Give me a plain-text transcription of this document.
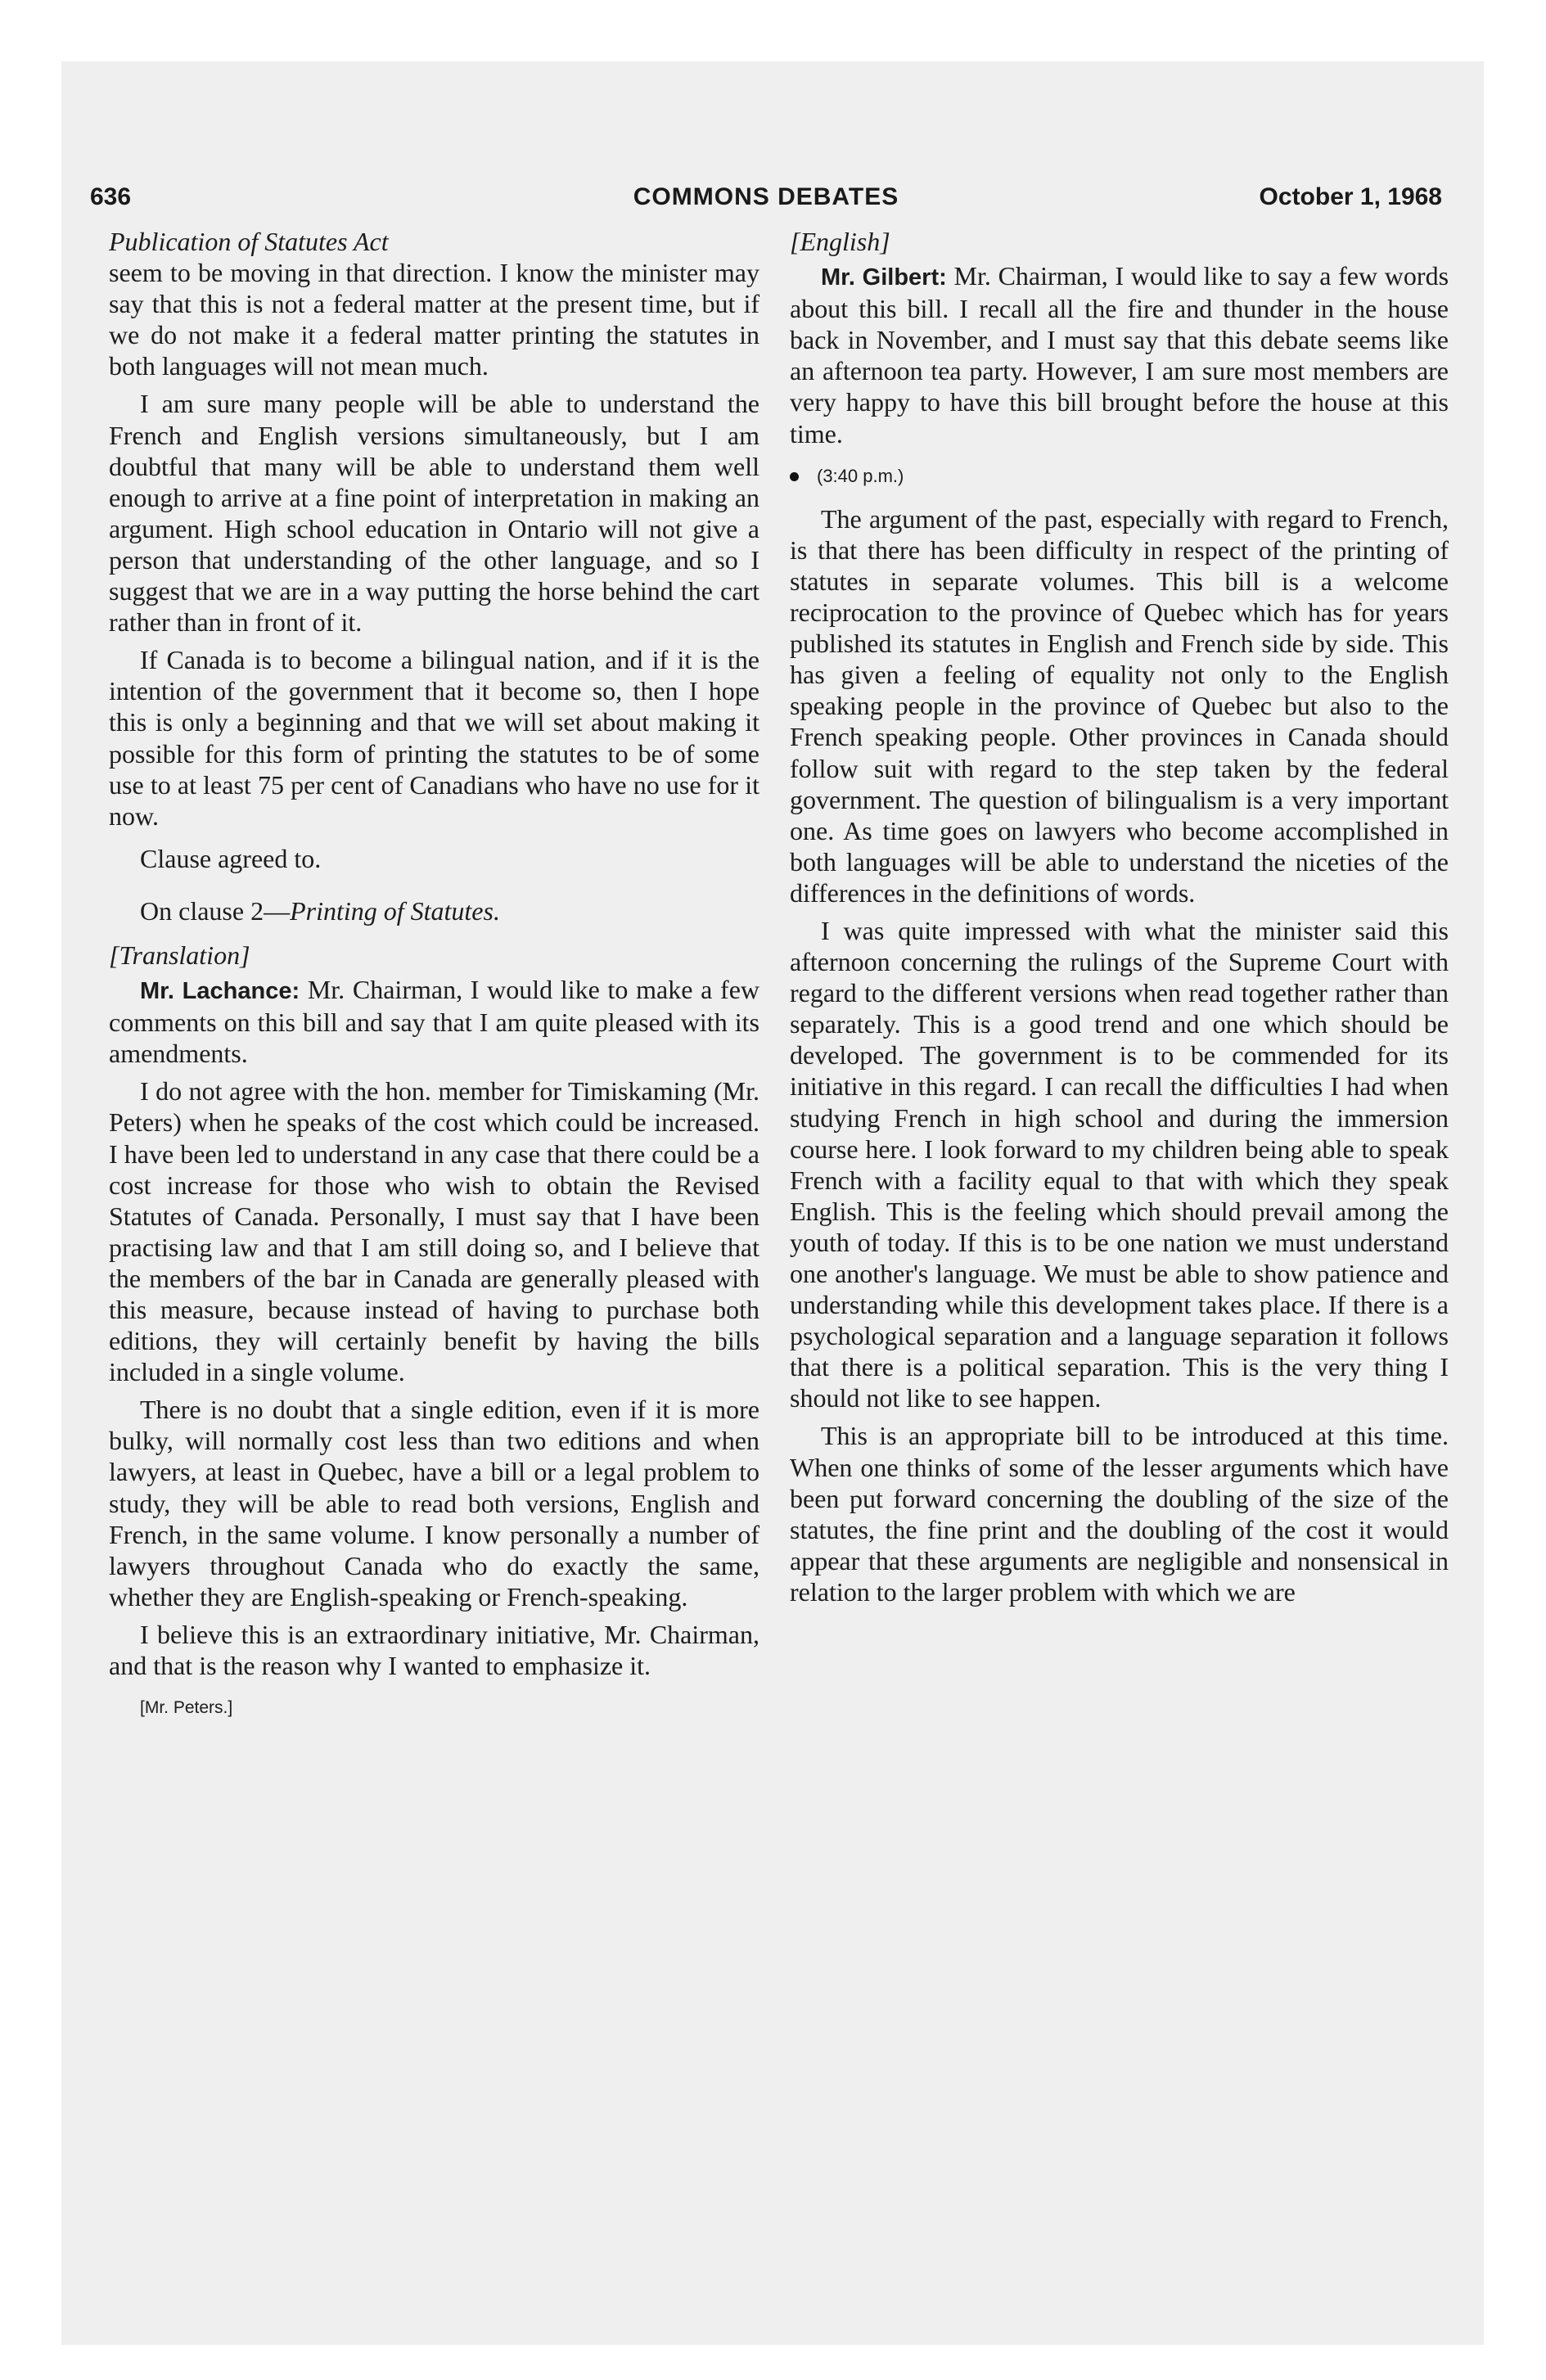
636	COMMONS DEBATES	October 1, 1968

Publication of Statutes Act

seem to be moving in that direction. I know the minister may say that this is not a federal matter at the present time, but if we do not make it a federal matter printing the statutes in both languages will not mean much.

I am sure many people will be able to understand the French and English versions simultaneously, but I am doubtful that many will be able to understand them well enough to arrive at a fine point of interpretation in making an argument. High school education in Ontario will not give a person that understanding of the other language, and so I suggest that we are in a way putting the horse behind the cart rather than in front of it.

If Canada is to become a bilingual nation, and if it is the intention of the government that it become so, then I hope this is only a beginning and that we will set about making it possible for this form of printing the statutes to be of some use to at least 75 per cent of Canadians who have no use for it now.

Clause agreed to.

On clause 2—Printing of Statutes.

[Translation]

Mr. Lachance: Mr. Chairman, I would like to make a few comments on this bill and say that I am quite pleased with its amendments.

I do not agree with the hon. member for Timiskaming (Mr. Peters) when he speaks of the cost which could be increased. I have been led to understand in any case that there could be a cost increase for those who wish to obtain the Revised Statutes of Canada. Personally, I must say that I have been practising law and that I am still doing so, and I believe that the members of the bar in Canada are generally pleased with this measure, because instead of having to purchase both editions, they will certainly benefit by having the bills included in a single volume.

There is no doubt that a single edition, even if it is more bulky, will normally cost less than two editions and when lawyers, at least in Quebec, have a bill or a legal problem to study, they will be able to read both versions, English and French, in the same volume. I know personally a number of lawyers throughout Canada who do exactly the same, whether they are English-speaking or French-speaking.

I believe this is an extraordinary initiative, Mr. Chairman, and that is the reason why I wanted to emphasize it.

[Mr. Peters.]

[English]

Mr. Gilbert: Mr. Chairman, I would like to say a few words about this bill. I recall all the fire and thunder in the house back in November, and I must say that this debate seems like an afternoon tea party. However, I am sure most members are very happy to have this bill brought before the house at this time.

(3:40 p.m.)

The argument of the past, especially with regard to French, is that there has been difficulty in respect of the printing of statutes in separate volumes. This bill is a welcome reciprocation to the province of Quebec which has for years published its statutes in English and French side by side. This has given a feeling of equality not only to the English speaking people in the province of Quebec but also to the French speaking people. Other provinces in Canada should follow suit with regard to the step taken by the federal government. The question of bilingualism is a very important one. As time goes on lawyers who become accomplished in both languages will be able to understand the niceties of the differences in the definitions of words.

I was quite impressed with what the minister said this afternoon concerning the rulings of the Supreme Court with regard to the different versions when read together rather than separately. This is a good trend and one which should be developed. The government is to be commended for its initiative in this regard. I can recall the difficulties I had when studying French in high school and during the immersion course here. I look forward to my children being able to speak French with a facility equal to that with which they speak English. This is the feeling which should prevail among the youth of today. If this is to be one nation we must understand one another's language. We must be able to show patience and understanding while this development takes place. If there is a psychological separation and a language separation it follows that there is a political separation. This is the very thing I should not like to see happen.

This is an appropriate bill to be introduced at this time. When one thinks of some of the lesser arguments which have been put forward concerning the doubling of the size of the statutes, the fine print and the doubling of the cost it would appear that these arguments are negligible and nonsensical in relation to the larger problem with which we are
